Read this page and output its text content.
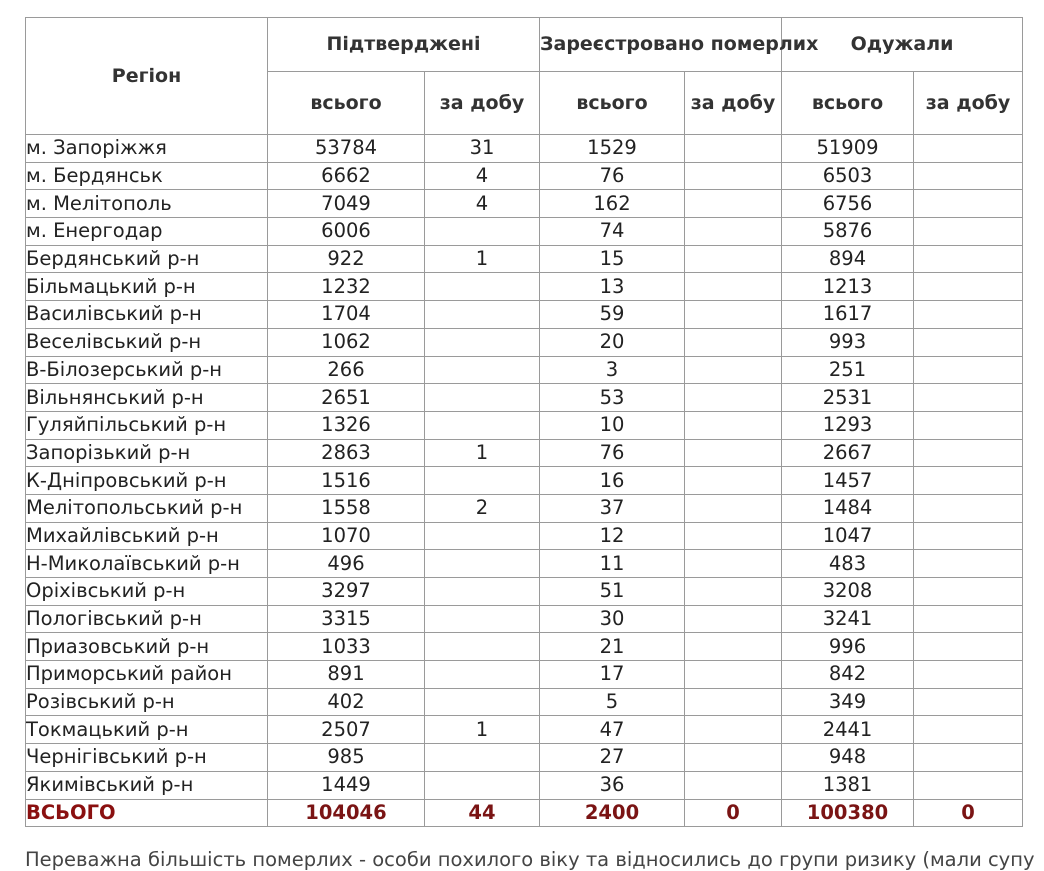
Регіон	Підтверджені		Зареєстровано померлих		Одужали	
	всього	за добу	всього	за добу	всього	за добу
м. Запоріжжя	53784	31	1529		51909	
м. Бердянськ	6662	4	76		6503	
м. Мелітополь	7049	4	162		6756	
м. Енергодар	6006		74		5876	
Бердянський р-н	922	1	15		894	
Більмацький р-н	1232		13		1213	
Василівський р-н	1704		59		1617	
Веселівський р-н	1062		20		993	
В-Білозерський р-н	266		3		251	
Вільнянський р-н	2651		53		2531	
Гуляйпільський р-н	1326		10		1293	
Запорізький р-н	2863	1	76		2667	
К-Дніпровський р-н	1516		16		1457	
Мелітопольський р-н	1558	2	37		1484	
Михайлівський р-н	1070		12		1047	
Н-Миколаївський р-н	496		11		483	
Оріхівський р-н	3297		51		3208	
Пологівський р-н	3315		30		3241	
Приазовський р-н	1033		21		996	
Приморський район	891		17		842	
Розівський р-н	402		5		349	
Токмацький р-н	2507	1	47		2441	
Чернігівський р-н	985		27		948	
Якимівський р-н	1449		36		1381	
ВСЬОГО	104046	44	2400	0	100380	0
Переважна більшість померлих - особи похилого віку та відносились до групи ризику (мали супу
